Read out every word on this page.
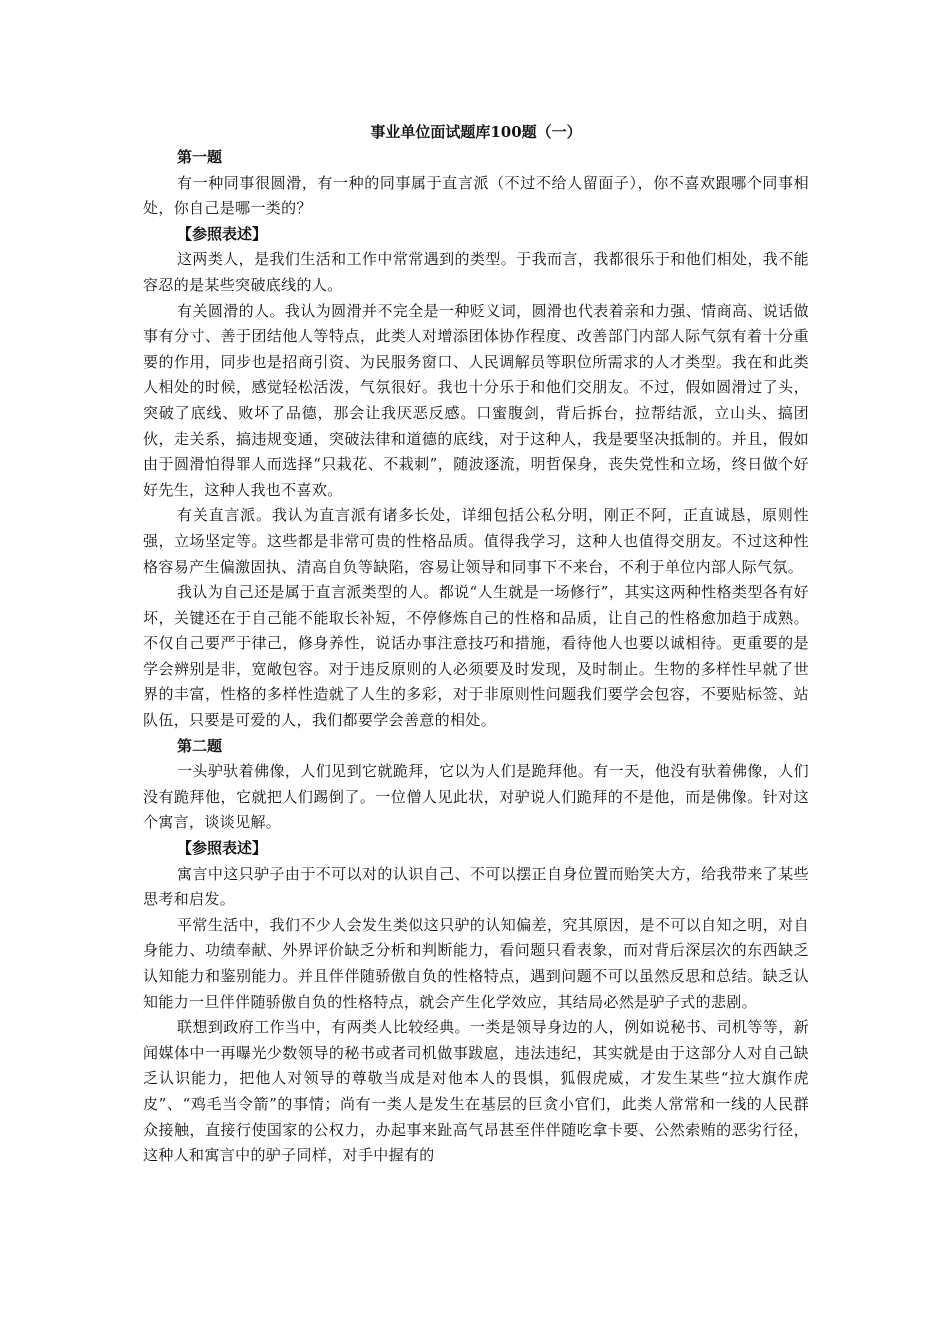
事业单位面试题库100题（一）

第一题

有一种同事很圆滑，有一种的同事属于直言派（不过不给人留面子），你不喜欢跟哪个同事相处，你自己是哪一类的？

【参照表述】

这两类人，是我们生活和工作中常常遇到的类型。于我而言，我都很乐于和他们相处，我不能容忍的是某些突破底线的人。

有关圆滑的人。我认为圆滑并不完全是一种贬义词，圆滑也代表着亲和力强、情商高、说话做事有分寸、善于团结他人等特点，此类人对增添团体协作程度、改善部门内部人际气氛有着十分重要的作用，同步也是招商引资、为民服务窗口、人民调解员等职位所需求的人才类型。我在和此类人相处的时候，感觉轻松活泼，气氛很好。我也十分乐于和他们交朋友。不过，假如圆滑过了头，突破了底线、败坏了品德，那会让我厌恶反感。口蜜腹剑，背后拆台，拉帮结派，立山头、搞团伙，走关系，搞违规变通，突破法律和道德的底线，对于这种人，我是要坚决抵制的。并且，假如由于圆滑怕得罪人而选择“只栽花、不栽刺”，随波逐流，明哲保身，丧失党性和立场，终日做个好好先生，这种人我也不喜欢。

有关直言派。我认为直言派有诸多长处，详细包括公私分明，刚正不阿，正直诚恳，原则性强，立场坚定等。这些都是非常可贵的性格品质。值得我学习，这种人也值得交朋友。不过这种性格容易产生偏激固执、清高自负等缺陷，容易让领导和同事下不来台，不利于单位内部人际气氛。

我认为自己还是属于直言派类型的人。都说“人生就是一场修行”，其实这两种性格类型各有好坏，关键还在于自己能不能取长补短，不停修炼自己的性格和品质，让自己的性格愈加趋于成熟。不仅自己要严于律己，修身养性，说话办事注意技巧和措施，看待他人也要以诚相待。更重要的是学会辨别是非，宽敞包容。对于违反原则的人必须要及时发现，及时制止。生物的多样性早就了世界的丰富，性格的多样性造就了人生的多彩，对于非原则性问题我们要学会包容，不要贴标签、站队伍，只要是可爱的人，我们都要学会善意的相处。

第二题

一头驴驮着佛像，人们见到它就跪拜，它以为人们是跪拜他。有一天，他没有驮着佛像，人们没有跪拜他，它就把人们踢倒了。一位僧人见此状，对驴说人们跪拜的不是他，而是佛像。针对这个寓言，谈谈见解。

【参照表述】

寓言中这只驴子由于不可以对的认识自己、不可以摆正自身位置而贻笑大方，给我带来了某些思考和启发。

平常生活中，我们不少人会发生类似这只驴的认知偏差，究其原因，是不可以自知之明，对自身能力、功绩奉献、外界评价缺乏分析和判断能力，看问题只看表象，而对背后深层次的东西缺乏认知能力和鉴别能力。并且伴伴随骄傲自负的性格特点，遇到问题不可以虽然反思和总结。缺乏认知能力一旦伴伴随骄傲自负的性格特点，就会产生化学效应，其结局必然是驴子式的悲剧。

联想到政府工作当中，有两类人比较经典。一类是领导身边的人，例如说秘书、司机等等，新闻媒体中一再曝光少数领导的秘书或者司机做事跋扈，违法违纪，其实就是由于这部分人对自己缺乏认识能力，把他人对领导的尊敬当成是对他本人的畏惧，狐假虎威，才发生某些“拉大旗作虎皮”、“鸡毛当令箭”的事情；尚有一类人是发生在基层的巨贪小官们，此类人常常和一线的人民群众接触，直接行使国家的公权力，办起事来趾高气昂甚至伴伴随吃拿卡要、公然索贿的恶劣行径，这种人和寓言中的驴子同样，对手中握有的
